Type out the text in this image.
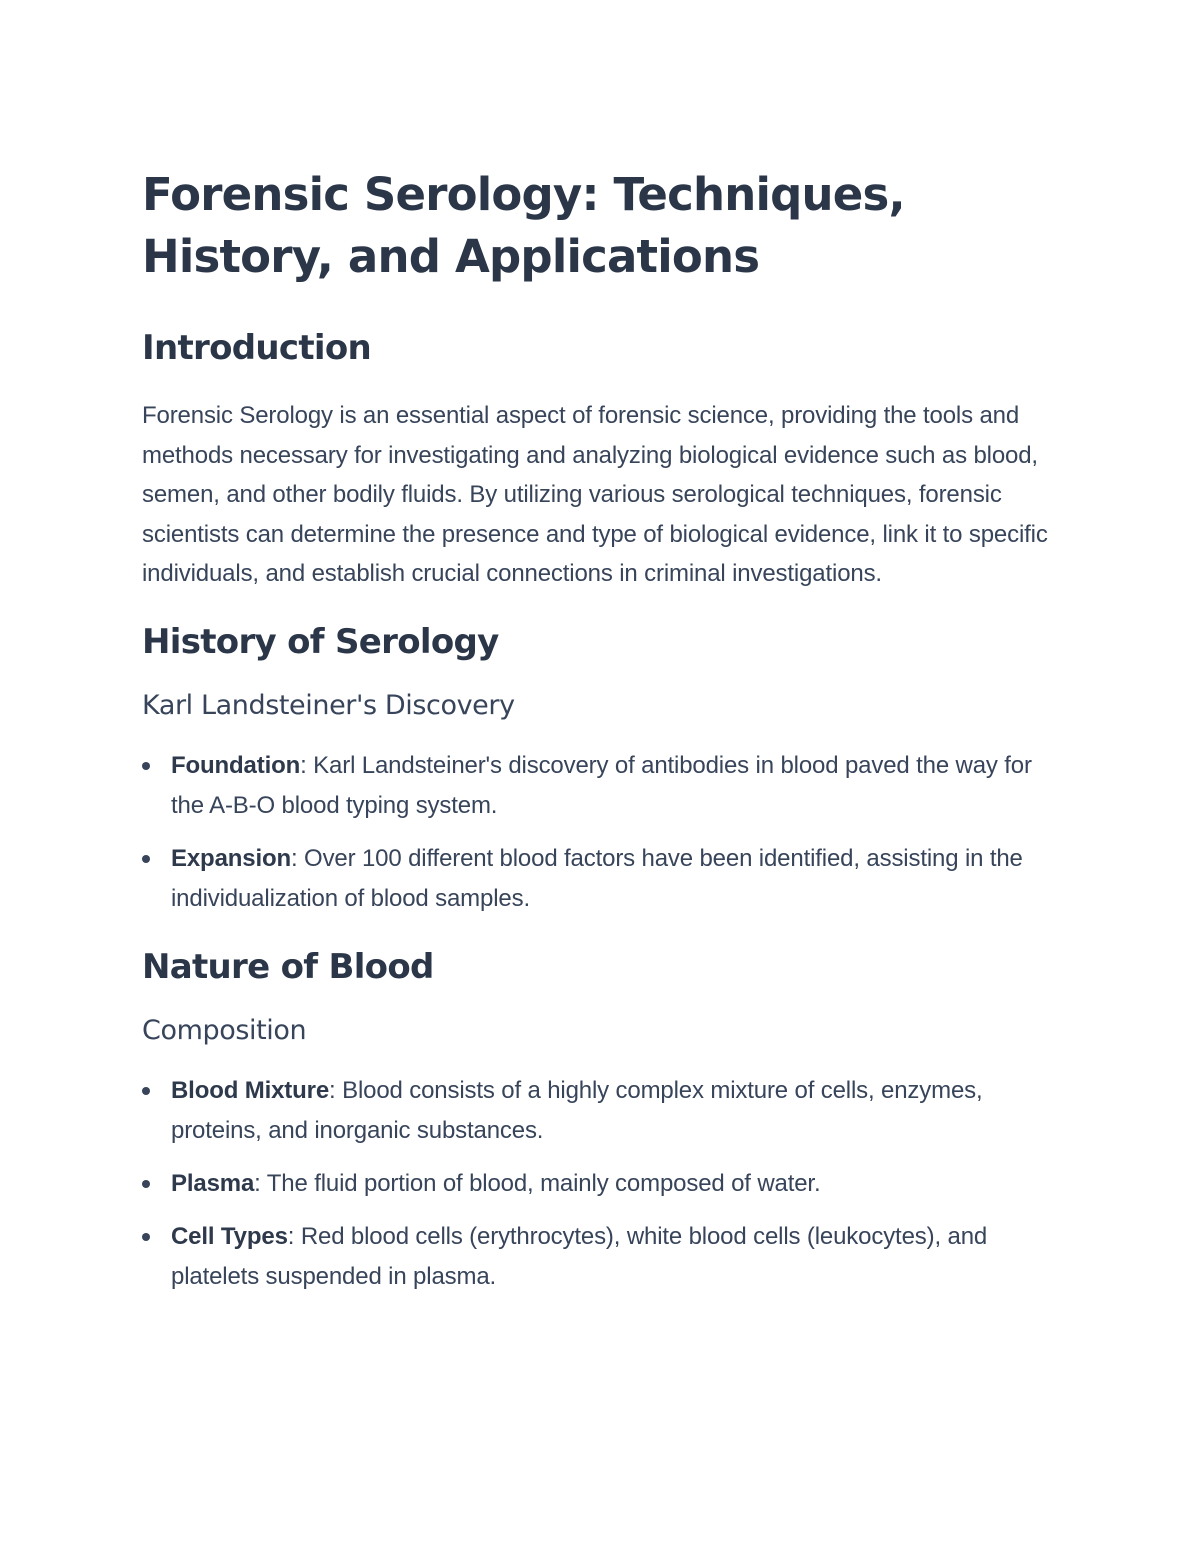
Forensic Serology: Techniques, History, and Applications
Introduction

Forensic Serology is an essential aspect of forensic science, providing the tools and methods necessary for investigating and analyzing biological evidence such as blood, semen, and other bodily fluids. By utilizing various serological techniques, forensic scientists can determine the presence and type of biological evidence, link it to specific individuals, and establish crucial connections in criminal investigations.

History of Serology
Karl Landsteiner's Discovery
Foundation: Karl Landsteiner's discovery of antibodies in blood paved the way for the A-B-O blood typing system.
Expansion: Over 100 different blood factors have been identified, assisting in the individualization of blood samples.
Nature of Blood
Composition
Blood Mixture: Blood consists of a highly complex mixture of cells, enzymes, proteins, and inorganic substances.
Plasma: The fluid portion of blood, mainly composed of water.
Cell Types: Red blood cells (erythrocytes), white blood cells (leukocytes), and platelets suspended in plasma.
